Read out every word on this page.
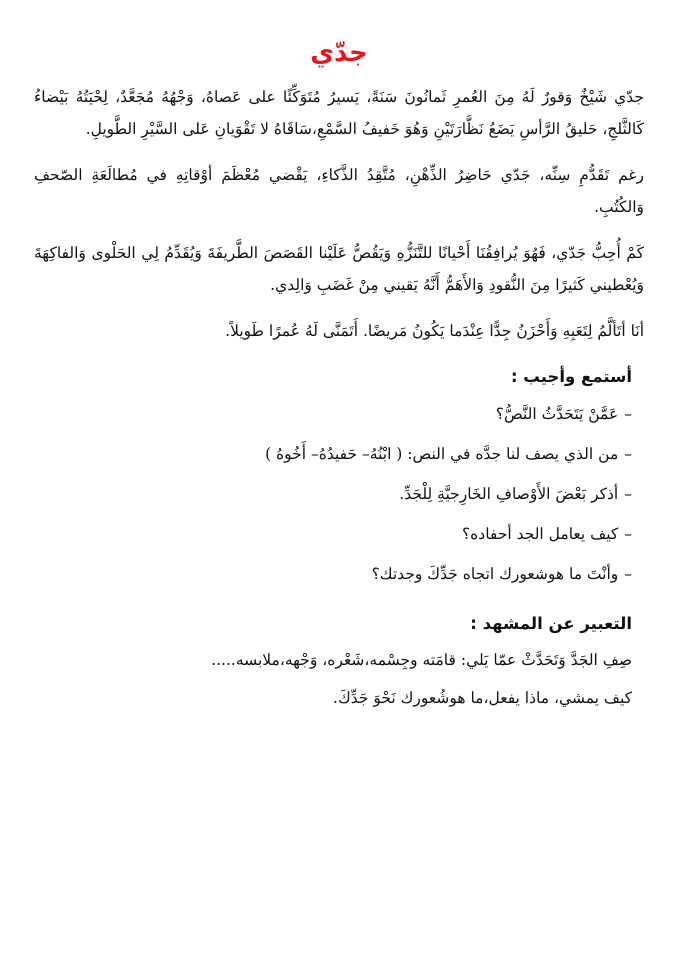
جدّي

جدّي شَيْخٌ وَقورٌ لَهُ مِنَ العُمرِ ثَمانُونَ سَنَةً، يَسيرُ مُتَوَكِّئًا على عَصاهُ، وَجْهُهُ مُجَعَّدٌ، لِحْيَتُهُ بَيْضاءُ كَالثَّلجِ، حَليقُ الرَّأسِ يَضَعُ نَظَّارَتَيْنِ وَهُوَ خَفيفُ السَّمْعِ،سَاقَاهُ لا تَقْوَيانِ عَلى السَّيْرِ الطَّويلِ.

رغم تَقَدُّمِ سِنِّه، جَدّي حَاضِرُ الذِّهْنِ، مُتَّقِدُ الذَّكاءِ، يَقْضي مُعْظَمَ أوْقاتِهِ في مُطالَعَةِ الصّحفِ وَالكُتُبِ.

كَمْ أُحِبُّ جَدّي، فَهُوَ يُرافِقُنَا أَحْيانًا للتَّنَزُّهِ وَيَقُصُّ عَلَيْنا القَصَصَ الطَّريفَةَ وَيُقَدِّمُ لِي الحَلْوى وَالفاكِهَةَ وَيُعْطيني كَثيرًا مِنَ النُّقودِ وَالأَهَمُّ أَنَّهُ يَقيني مِنْ غَضَبِ وَالِدي.

أنَا أتَألَّمُ لِتَعَبِهِ وَأَحْزَنُ جِدًّا عِنْدَما يَكُونُ مَريضًا. أَتَمَنَّى لَهُ عُمرًا طَويلاً.

أستمع وأجيب :
–عَمَّنْ يَتَحَدَّثُ النَّصُّ؟
–من الذي يصف لنا جدَّه في النص: ( ابْنُهُ– حَفيدُهُ– أَخُوهُ )
–أذكر بَعْضَ الأَوْصافِ الخَارِجيَّةِ لِلْجَدِّ.
–كيف يعامل الجد أحفاده؟
–وأنْتَ ما هوشعورك اتجاه جَدِّكَ وجدتك؟
التعبير عن المشهد :

صِفِ الجَدَّ وَتَحَدَّثْ عمّا يَلي: قامَته وجِسْمه،شَعْره، وَجْهه،ملابسه.....

كيف يمشي، ماذا يفعل،ما هوشُعورك نَحْوَ جَدِّكَ.
